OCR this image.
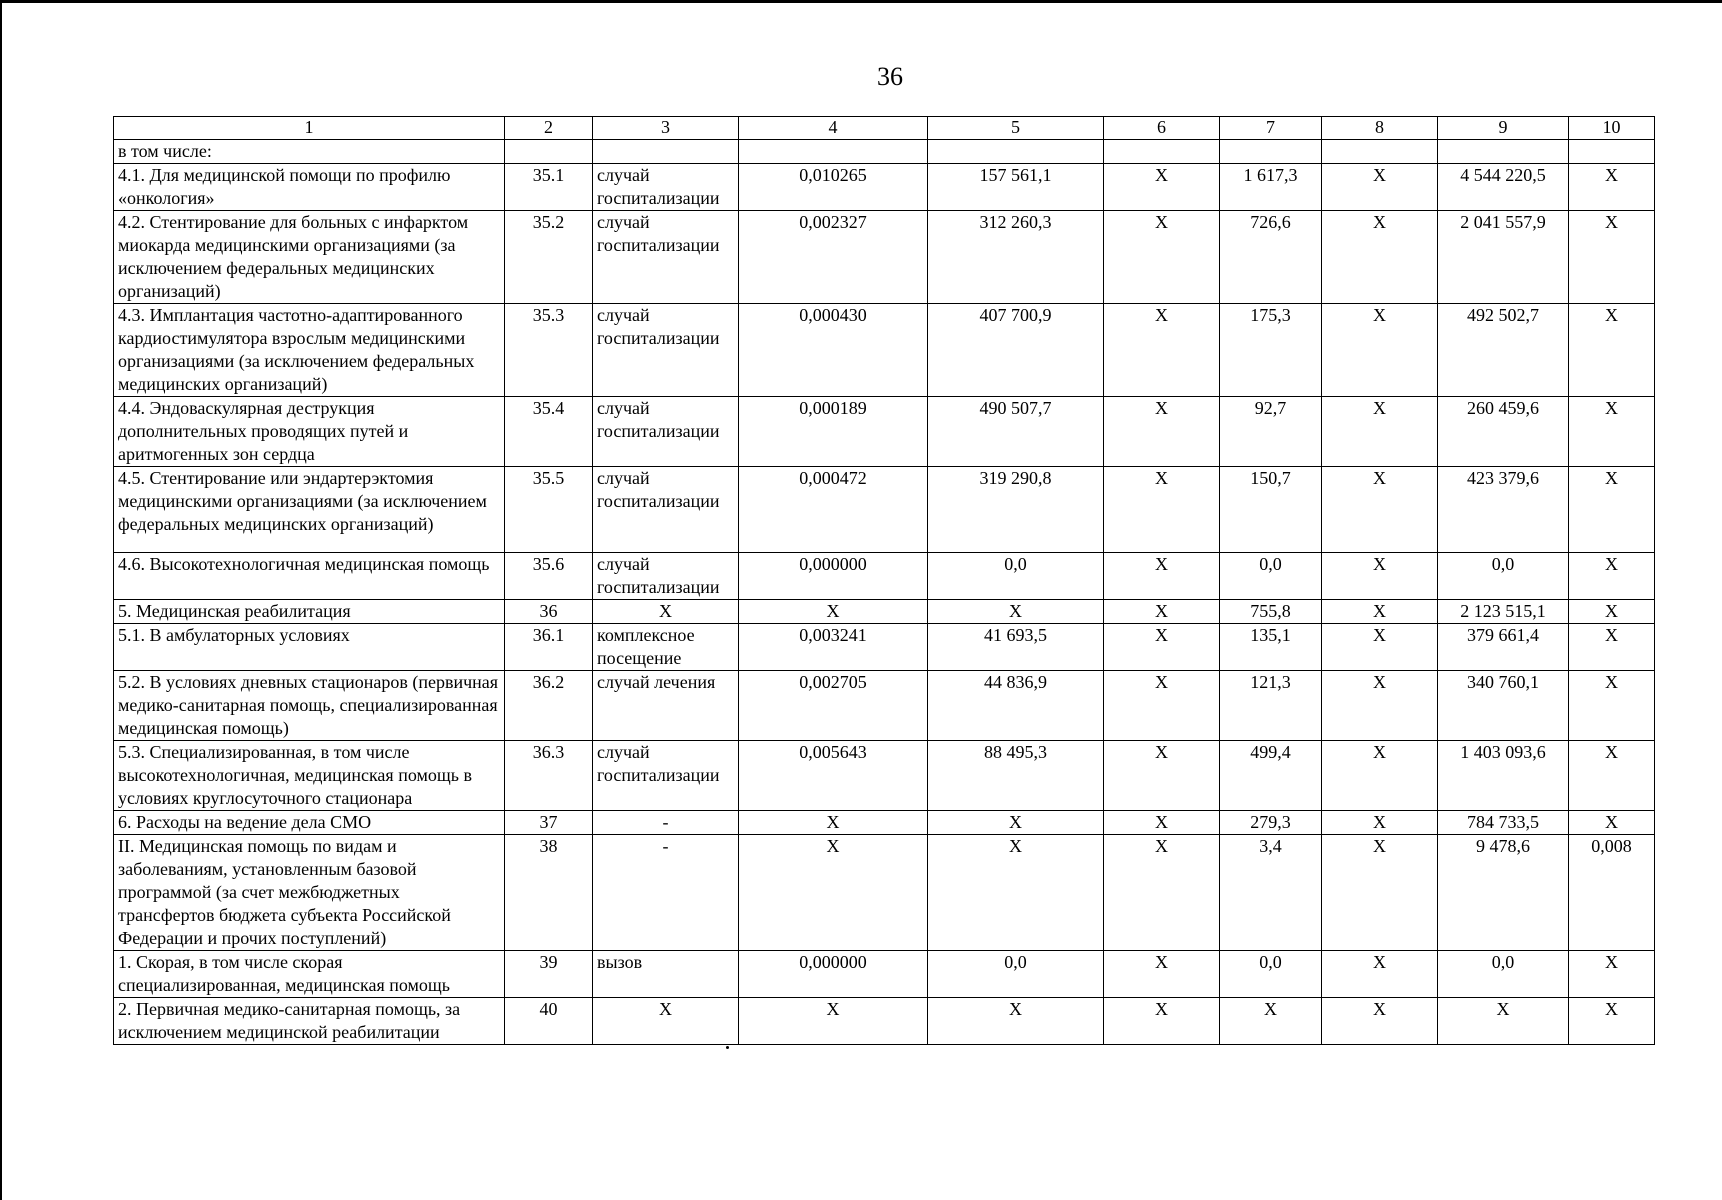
36
1	2	3	4	5	6	7	8	9	10
в том числе:									
4.1. Для медицинской помощи по профилю «онкология»	35.1	случай госпитализации	0,010265	157 561,1	X	1 617,3	X	4 544 220,5	X
4.2. Стентирование для больных с инфарктом миокарда медицинскими организациями (за исключением федеральных медицинских организаций)	35.2	случай госпитализации	0,002327	312 260,3	X	726,6	X	2 041 557,9	X
4.3. Имплантация частотно-адаптированного кардиостимулятора взрослым медицинскими организациями (за исключением федеральных медицинских организаций)	35.3	случай госпитализации	0,000430	407 700,9	X	175,3	X	492 502,7	X
4.4. Эндоваскулярная деструкция дополнительных проводящих путей и аритмогенных зон сердца	35.4	случай госпитализации	0,000189	490 507,7	X	92,7	X	260 459,6	X
4.5. Стентирование или эндартерэктомия медицинскими организациями (за исключением федеральных медицинских организаций)	35.5	случай госпитализации	0,000472	319 290,8	X	150,7	X	423 379,6	X
4.6. Высокотехнологичная медицинская помощь	35.6	случай госпитализации	0,000000	0,0	X	0,0	X	0,0	X
5. Медицинская реабилитация	36	X	X	X	X	755,8	X	2 123 515,1	X
5.1. В амбулаторных условиях	36.1	комплексное посещение	0,003241	41 693,5	X	135,1	X	379 661,4	X
5.2. В условиях дневных стационаров (первичная медико-санитарная помощь, специализированная медицинская помощь)	36.2	случай лечения	0,002705	44 836,9	X	121,3	X	340 760,1	X
5.3. Специализированная, в том числе высокотехнологичная, медицинская помощь в условиях круглосуточного стационара	36.3	случай госпитализации	0,005643	88 495,3	X	499,4	X	1 403 093,6	X
6. Расходы на ведение дела СМО	37	-	X	X	X	279,3	X	784 733,5	X
II. Медицинская помощь по видам и заболеваниям, установленным базовой программой (за счет межбюджетных трансфертов бюджета субъекта Российской Федерации и прочих поступлений)	38	-	X	X	X	3,4	X	9 478,6	0,008
1. Скорая, в том числе скорая специализированная, медицинская помощь	39	вызов	0,000000	0,0	X	0,0	X	0,0	X
2. Первичная медико-санитарная помощь, за исключением медицинской реабилитации	40	X	X	X	X	X	X	X	X
